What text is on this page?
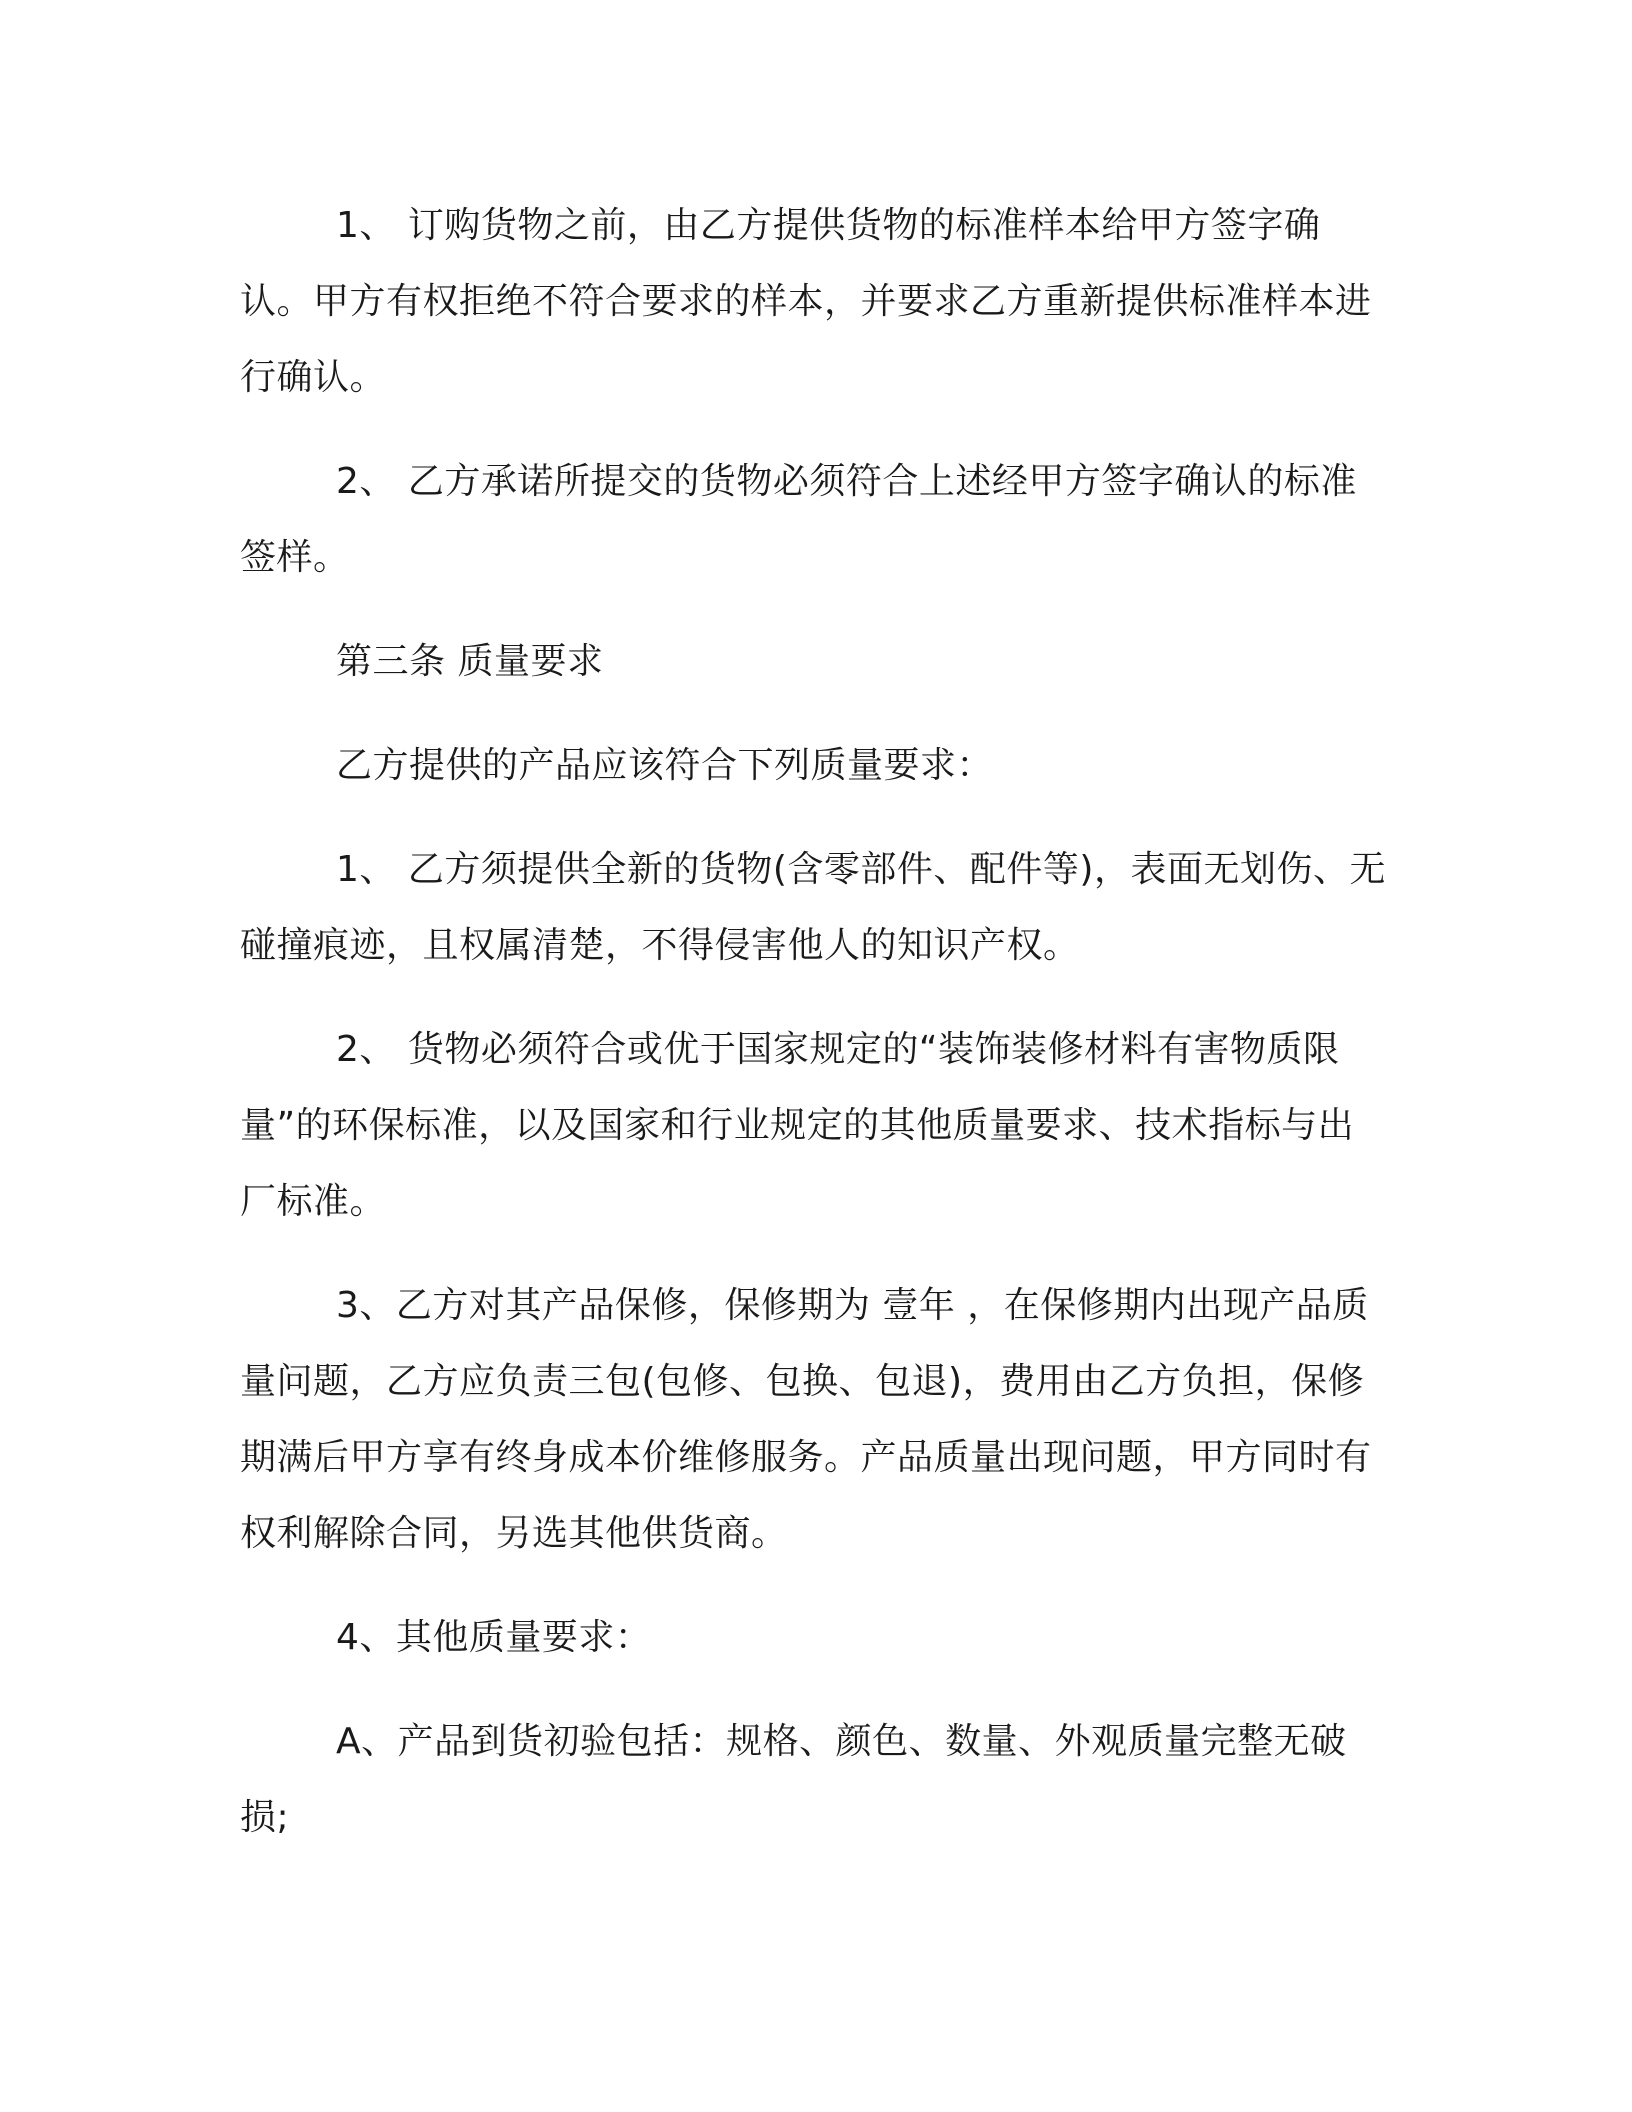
1、 订购货物之前，由乙方提供货物的标准样本给甲方签字确认。甲方有权拒绝不符合要求的样本，并要求乙方重新提供标准样本进行确认。

2、 乙方承诺所提交的货物必须符合上述经甲方签字确认的标准签样。

第三条 质量要求

乙方提供的产品应该符合下列质量要求：

1、 乙方须提供全新的货物(含零部件、配件等)，表面无划伤、无碰撞痕迹，且权属清楚，不得侵害他人的知识产权。

2、 货物必须符合或优于国家规定的“装饰装修材料有害物质限量”的环保标准，以及国家和行业规定的其他质量要求、技术指标与出厂标准。

3、乙方对其产品保修，保修期为 壹年 ，在保修期内出现产品质量问题，乙方应负责三包(包修、包换、包退)，费用由乙方负担，保修期满后甲方享有终身成本价维修服务。产品质量出现问题，甲方同时有权利解除合同，另选其他供货商。

4、其他质量要求：

A、产品到货初验包括：规格、颜色、数量、外观质量完整无破损;
